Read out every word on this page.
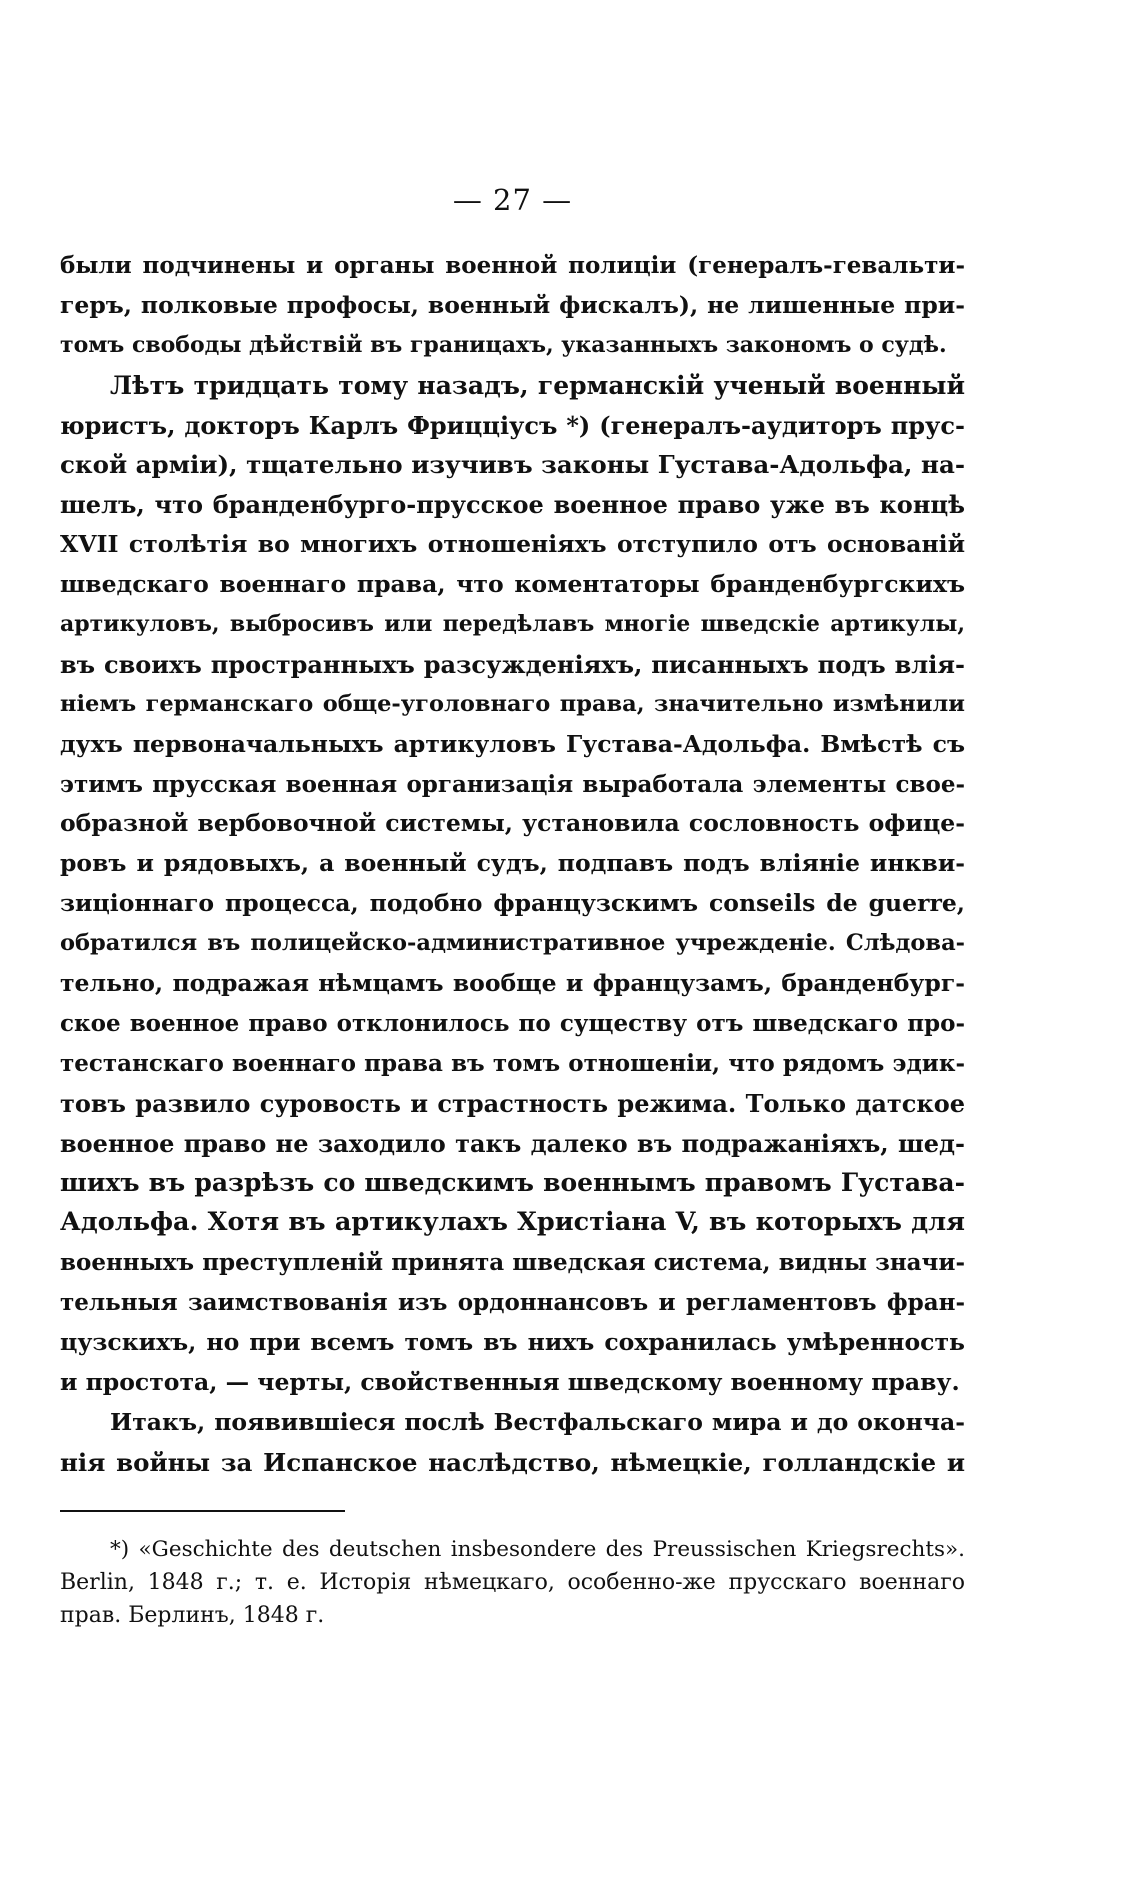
— 27 —
были подчинены и органы военной полиціи (генералъ-гевальти-
геръ, полковые профосы, военный фискалъ), не лишенные при-
томъ свободы дѣйствій въ границахъ, указанныхъ закономъ о судѣ.
Лѣтъ тридцать тому назадъ, германскій ученый военный
юристъ, докторъ Карлъ Фрицціусъ *) (генералъ-аудиторъ прус-
ской арміи), тщательно изучивъ законы Густава-Адольфа, на-
шелъ, что бранденбурго-прусское военное право уже въ концѣ
XVII столѣтія во многихъ отношеніяхъ отступило отъ основаній
шведскаго военнаго права, что коментаторы бранденбургскихъ
артикуловъ, выбросивъ или передѣлавъ многіе шведскіе артикулы,
въ своихъ пространныхъ разсужденіяхъ, писанныхъ подъ влія-
ніемъ германскаго обще-уголовнаго права, значительно измѣнили
духъ первоначальныхъ артикуловъ Густава-Адольфа. Вмѣстѣ съ
этимъ прусская военная организація выработала элементы свое-
образной вербовочной системы, установила сословность офице-
ровъ и рядовыхъ, а военный судъ, подпавъ подъ вліяніе инкви-
зиціоннаго процесса, подобно французскимъ conseils de guerre,
обратился въ полицейско-административное учрежденіе. Слѣдова-
тельно, подражая нѣмцамъ вообще и французамъ, бранденбург-
ское военное право отклонилось по существу отъ шведскаго про-
тестанскаго военнаго права въ томъ отношеніи, что рядомъ эдик-
товъ развило суровость и страстность режима. Только датское
военное право не заходило такъ далеко въ подражаніяхъ, шед-
шихъ въ разрѣзъ со шведскимъ военнымъ правомъ Густава-
Адольфа. Хотя въ артикулахъ Христіана V, въ которыхъ для
военныхъ преступленій принята шведская система, видны значи-
тельныя заимствованія изъ ордоннансовъ и регламентовъ фран-
цузскихъ, но при всемъ томъ въ нихъ сохранилась умѣренность
и простота, — черты, свойственныя шведскому военному праву.
Итакъ, появившіеся послѣ Вестфальскаго мира и до оконча-
нія войны за Испанское наслѣдство, нѣмецкіе, голландскіе и
*) «Geschichte des deutschen insbesondere des Preussischen Kriegsrechts».
Berlin, 1848 г.; т. е. Исторія нѣмецкаго, особенно-же прусскаго военнаго
прав. Берлинъ, 1848 г.
